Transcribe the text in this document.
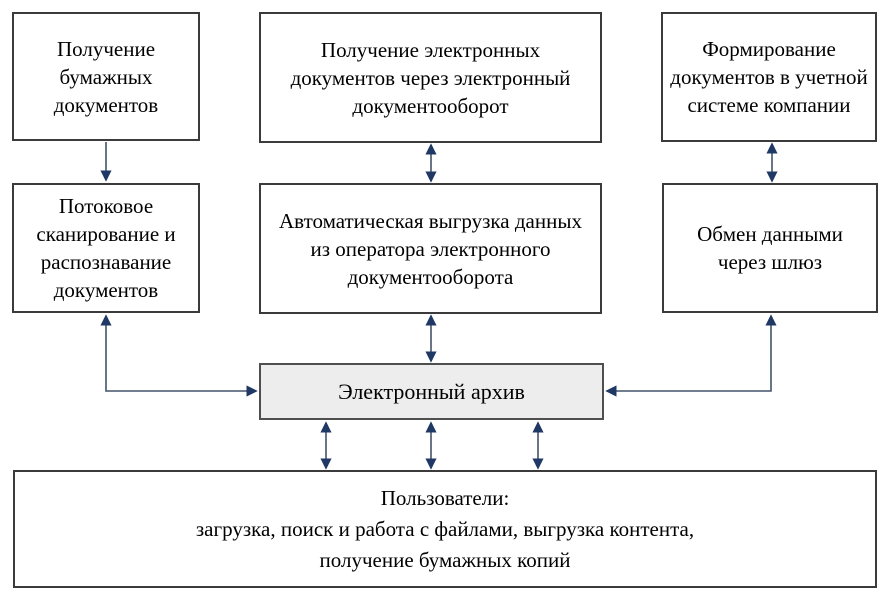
Получение бумажных документов
Получение электронных документов через электронный документооборот
Формирование документов в учетной системе компании
Потоковое сканирование и распознавание документов
Автоматическая выгрузка данных из оператора электронного документооборота
Обмен данными через шлюз
Электронный архив
Пользователи:
загрузка, поиск и работа с файлами, выгрузка контента,
получение бумажных копий
